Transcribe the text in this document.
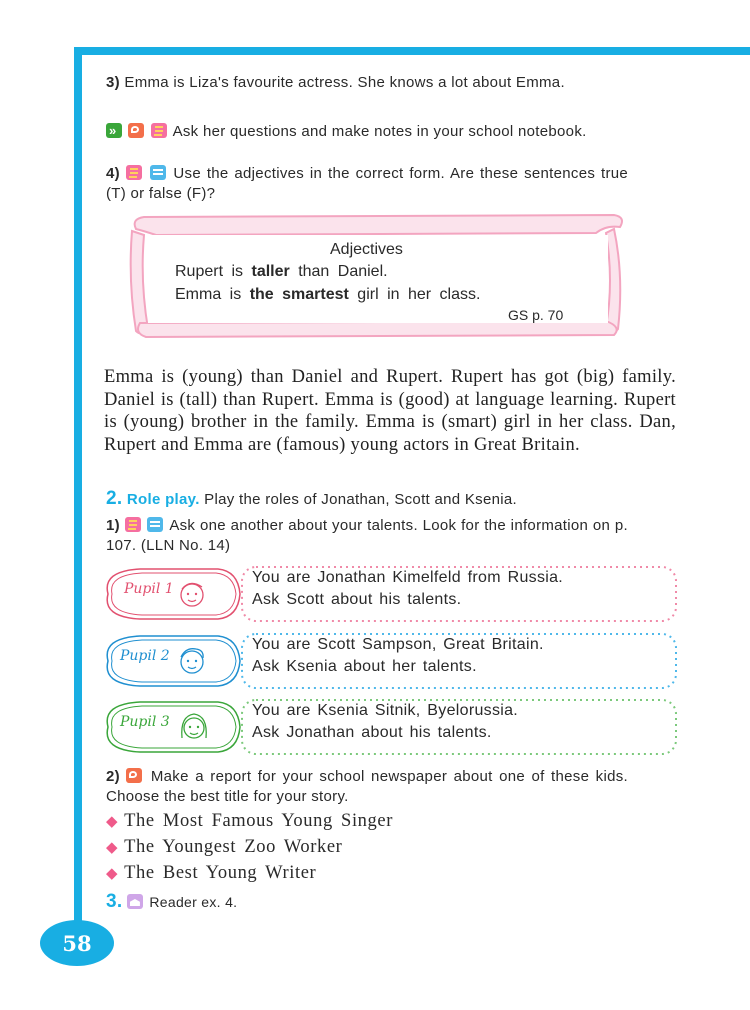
3) Emma is Liza's favourite actress. She knows a lot about Emma.
»   Ask her questions and make notes in your school notebook.
4)	Use the adjectives in the correct form. Are these sentences true (T) or false (F)?
Adjectives
Rupert is taller than Daniel.
Emma is the smartest girl in her class.
GS p. 70
Emma is (young) than Daniel and Rupert. Rupert has got (big) family. Daniel is (tall) than Rupert. Emma is (good) at language learning. Rupert is (young) brother in the family. Emma is (smart) girl in her class. Dan, Rupert and Emma are (famous) young actors in Great Britain.
2. Role play. Play the roles of Jonathan, Scott and Ksenia.
1)	Ask one another about your talents. Look for the information on p. 107. (LLN No. 14)
Pupil 1
You are Jonathan Kimelfeld from Russia.
Ask Scott about his talents.
Pupil 2
You are Scott Sampson, Great Britain.
Ask Ksenia about her talents.
Pupil 3
You are Ksenia Sitnik, Byelorussia.
Ask Jonathan about his talents.
2) Make a report for your school newspaper about one of these kids. Choose the best title for your story.
◆ The Most Famous Young Singer
◆ The Youngest Zoo Worker
◆ The Best Young Writer
3. Reader ex. 4.
58
